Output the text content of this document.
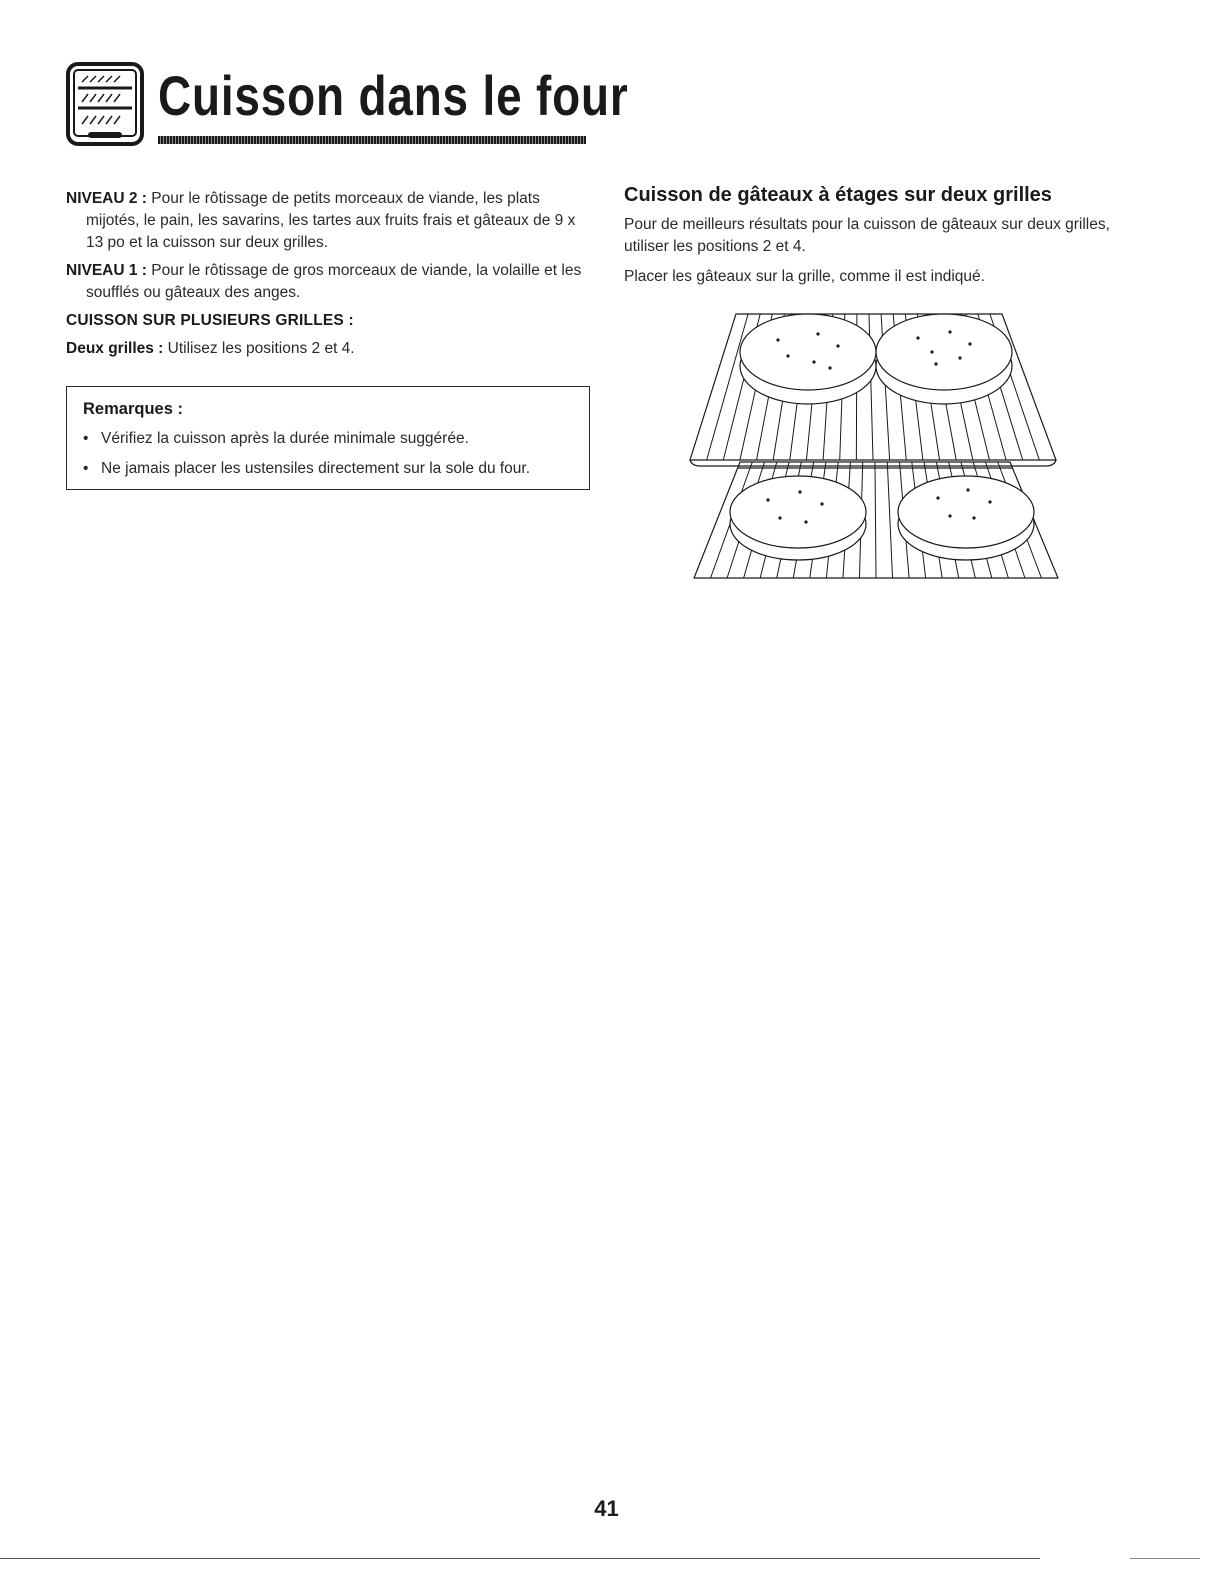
Cuisson dans le four

NIVEAU 2 : Pour le rôtissage de petits morceaux de viande, les plats mijotés, le pain, les savarins, les tartes aux fruits frais et gâteaux de 9 x 13 po et la cuisson sur deux grilles.

NIVEAU 1 : Pour le rôtissage de gros morceaux de viande, la volaille et les soufflés ou gâteaux des anges.

CUISSON SUR PLUSIEURS GRILLES :

Deux grilles : Utilisez les positions 2 et 4.

Remarques :
• Vérifiez la cuisson après la durée minimale suggérée.
• Ne jamais placer les ustensiles directement sur la sole du four.
Cuisson de gâteaux à étages sur deux grilles

Pour de meilleurs résultats pour la cuisson de gâteaux sur deux grilles, utiliser les positions 2 et 4.

Placer les gâteaux sur la grille, comme il est indiqué.

41
